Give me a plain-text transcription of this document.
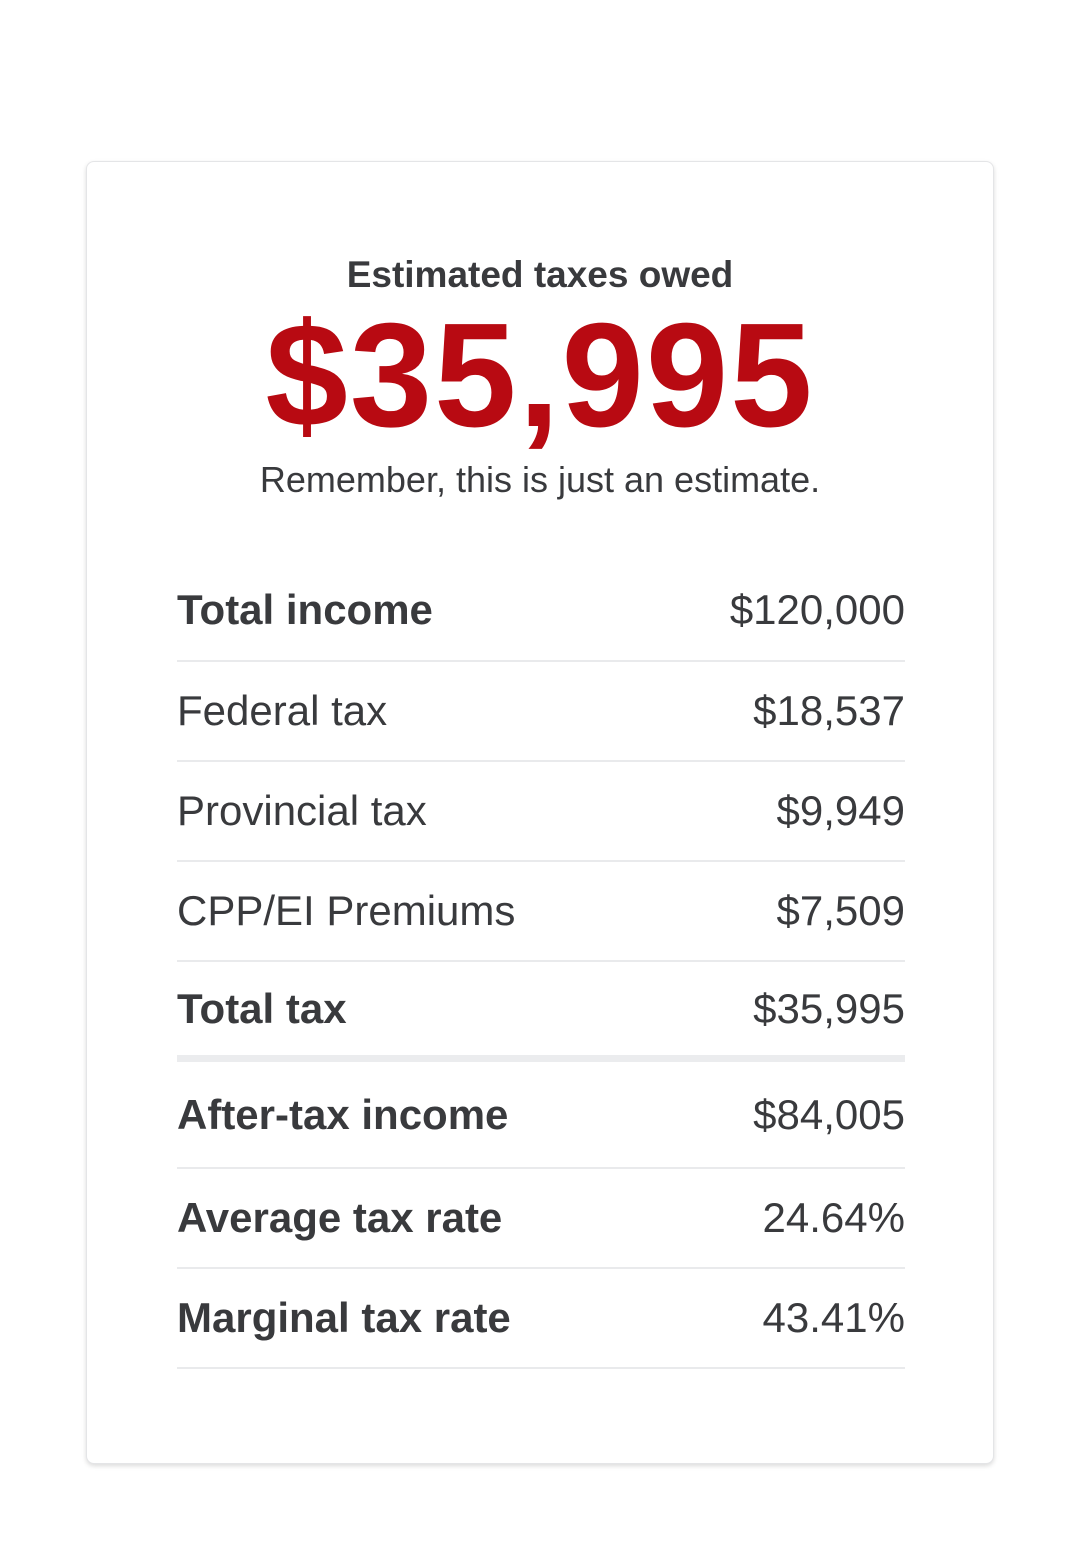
Estimated taxes owed
$35,995
Remember, this is just an estimate.
Total income	$120,000
Federal tax	$18,537
Provincial tax	$9,949
CPP/EI Premiums	$7,509
Total tax	$35,995
After-tax income	$84,005
Average tax rate	24.64%
Marginal tax rate	43.41%
